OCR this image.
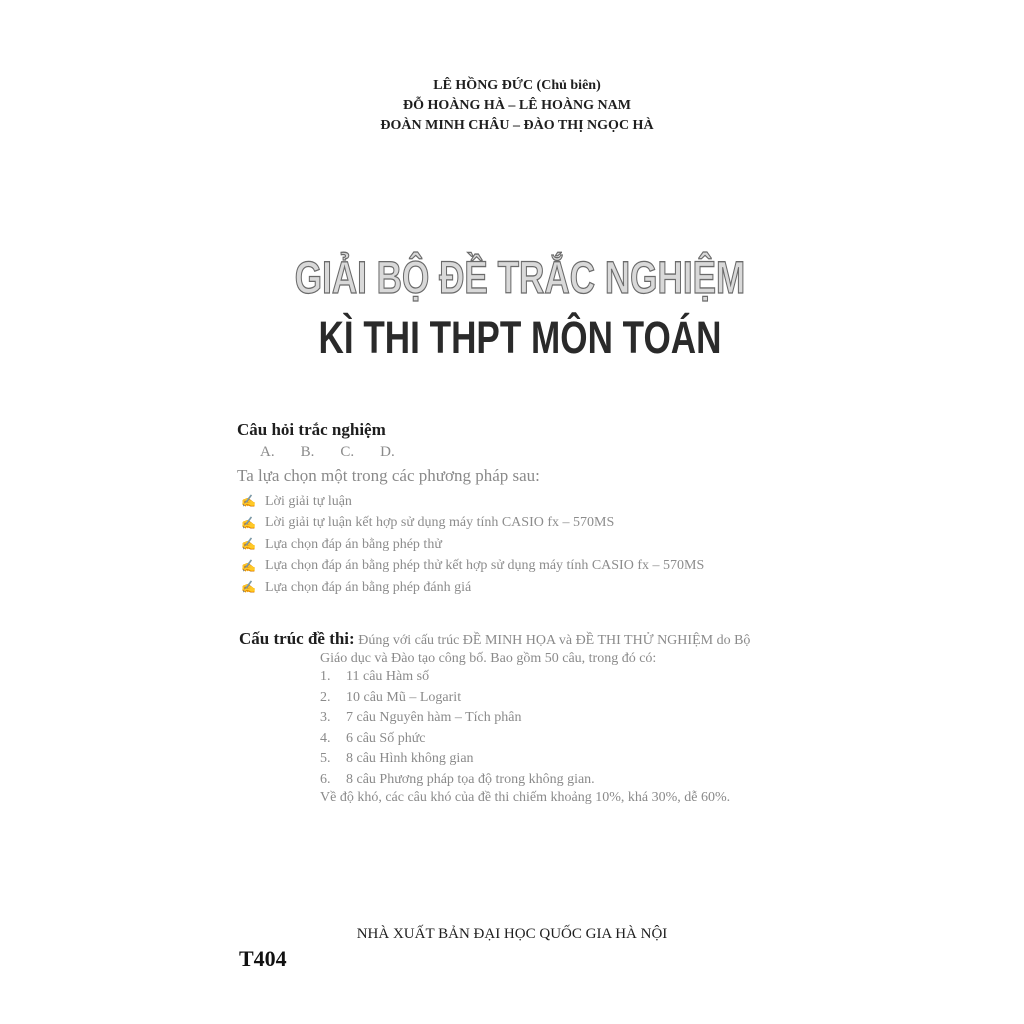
LÊ HỒNG ĐỨC (Chủ biên)
ĐỖ HOÀNG HÀ – LÊ HOÀNG NAM
ĐOÀN MINH CHÂU – ĐÀO THỊ NGỌC HÀ
GIẢI BỘ ĐỀ TRẮC NGHIỆM
KÌ THI THPT MÔN TOÁN
Câu hỏi trắc nghiệm
A. B. C. D.
Ta lựa chọn một trong các phương pháp sau:
✍ Lời giải tự luận
✍ Lời giải tự luận kết hợp sử dụng máy tính CASIO fx – 570MS
✍ Lựa chọn đáp án bằng phép thử
✍ Lựa chọn đáp án bằng phép thử kết hợp sử dụng máy tính CASIO fx – 570MS
✍ Lựa chọn đáp án bằng phép đánh giá
Cấu trúc đề thi: Đúng với cấu trúc ĐỀ MINH HỌA và ĐỀ THI THỬ NGHIỆM do Bộ
Giáo dục và Đào tạo công bố. Bao gồm 50 câu, trong đó có:
1.	11 câu Hàm số
2.	10 câu Mũ – Logarit
3.	7 câu Nguyên hàm – Tích phân
4.	6 câu Số phức
5.	8 câu Hình không gian
6.	8 câu Phương pháp tọa độ trong không gian.
Về độ khó, các câu khó của đề thi chiếm khoảng 10%, khá 30%, dễ 60%.
NHÀ XUẤT BẢN ĐẠI HỌC QUỐC GIA HÀ NỘI
T404
